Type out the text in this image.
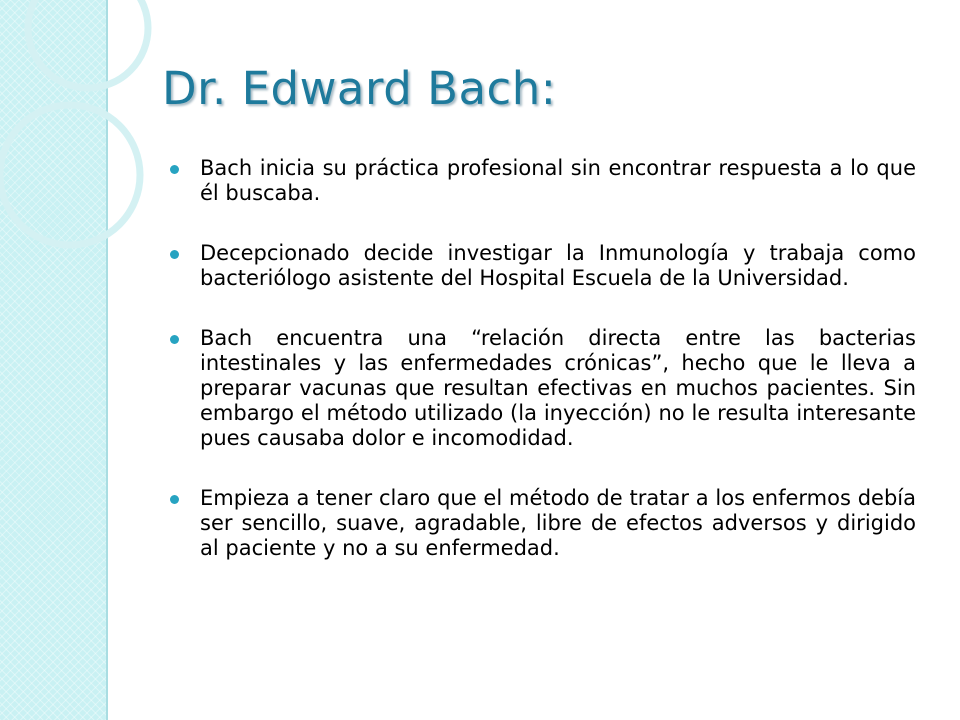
Dr. Edward Bach:
Bach inicia su práctica profesional sin encontrar respuesta a lo que él buscaba.
Decepcionado decide investigar la Inmunología y trabaja como bacteriólogo asistente del Hospital Escuela de la Universidad.
Bach encuentra una “relación directa entre las bacterias intestinales y las enfermedades crónicas”, hecho que le lleva a preparar vacunas que resultan efectivas en muchos pacientes. Sin embargo el método utilizado (la inyección) no le resulta interesante pues causaba dolor e incomodidad.
Empieza a tener claro que el método de tratar a los enfermos debía ser sencillo, suave, agradable, libre de efectos adversos y dirigido al paciente y no a su enfermedad.
